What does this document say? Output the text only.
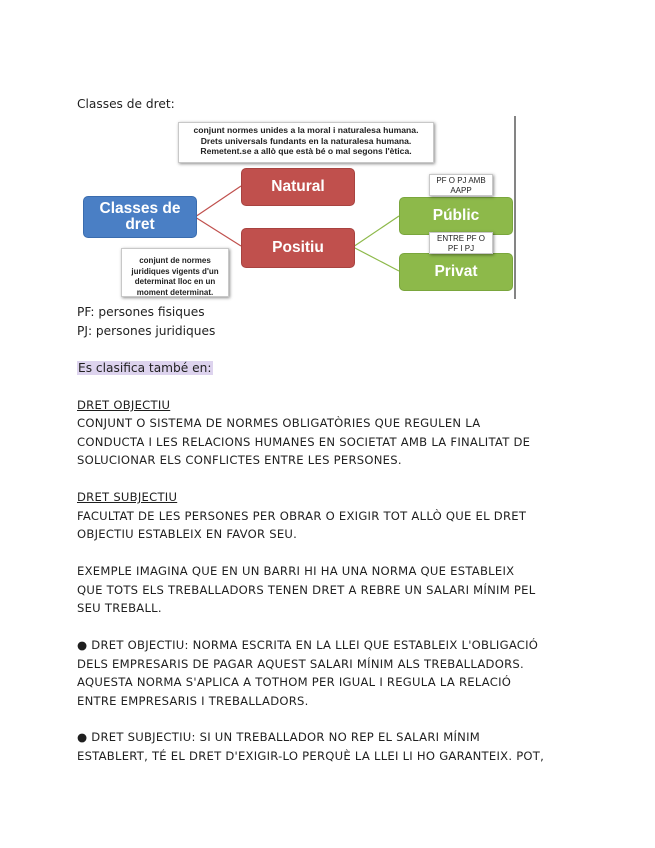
Classes de dret:
Classes de dret
Natural
Positiu
Públic
Privat
conjunt normes unides a la moral i naturalesa humana. Drets universals fundants en la naturalesa humana. Remetent.se a allò que està bé o mal segons l'ètica.
conjunt de normes juridiques vigents d'un determinat lloc en un moment determinat.
PF O PJ AMB AAPP
ENTRE PF O PF I PJ
PF: persones fisiques
PJ: persones juridiques
Es clasifica també en:
DRET OBJECTIU
CONJUNT O SISTEMA DE NORMES OBLIGATÒRIES QUE REGULEN LA
CONDUCTA I LES RELACIONS HUMANES EN SOCIETAT AMB LA FINALITAT DE
SOLUCIONAR ELS CONFLICTES ENTRE LES PERSONES.
DRET SUBJECTIU
FACULTAT DE LES PERSONES PER OBRAR O EXIGIR TOT ALLÒ QUE EL DRET
OBJECTIU ESTABLEIX EN FAVOR SEU.
EXEMPLE IMAGINA QUE EN UN BARRI HI HA UNA NORMA QUE ESTABLEIX
QUE TOTS ELS TREBALLADORS TENEN DRET A REBRE UN SALARI MÍNIM PEL
SEU TREBALL.
● DRET OBJECTIU: NORMA ESCRITA EN LA LLEI QUE ESTABLEIX L'OBLIGACIÓ
DELS EMPRESARIS DE PAGAR AQUEST SALARI MÍNIM ALS TREBALLADORS.
AQUESTA NORMA S'APLICA A TOTHOM PER IGUAL I REGULA LA RELACIÓ
ENTRE EMPRESARIS I TREBALLADORS.
● DRET SUBJECTIU: SI UN TREBALLADOR NO REP EL SALARI MÍNIM
ESTABLERT, TÉ EL DRET D'EXIGIR-LO PERQUÈ LA LLEI LI HO GARANTEIX. POT,
